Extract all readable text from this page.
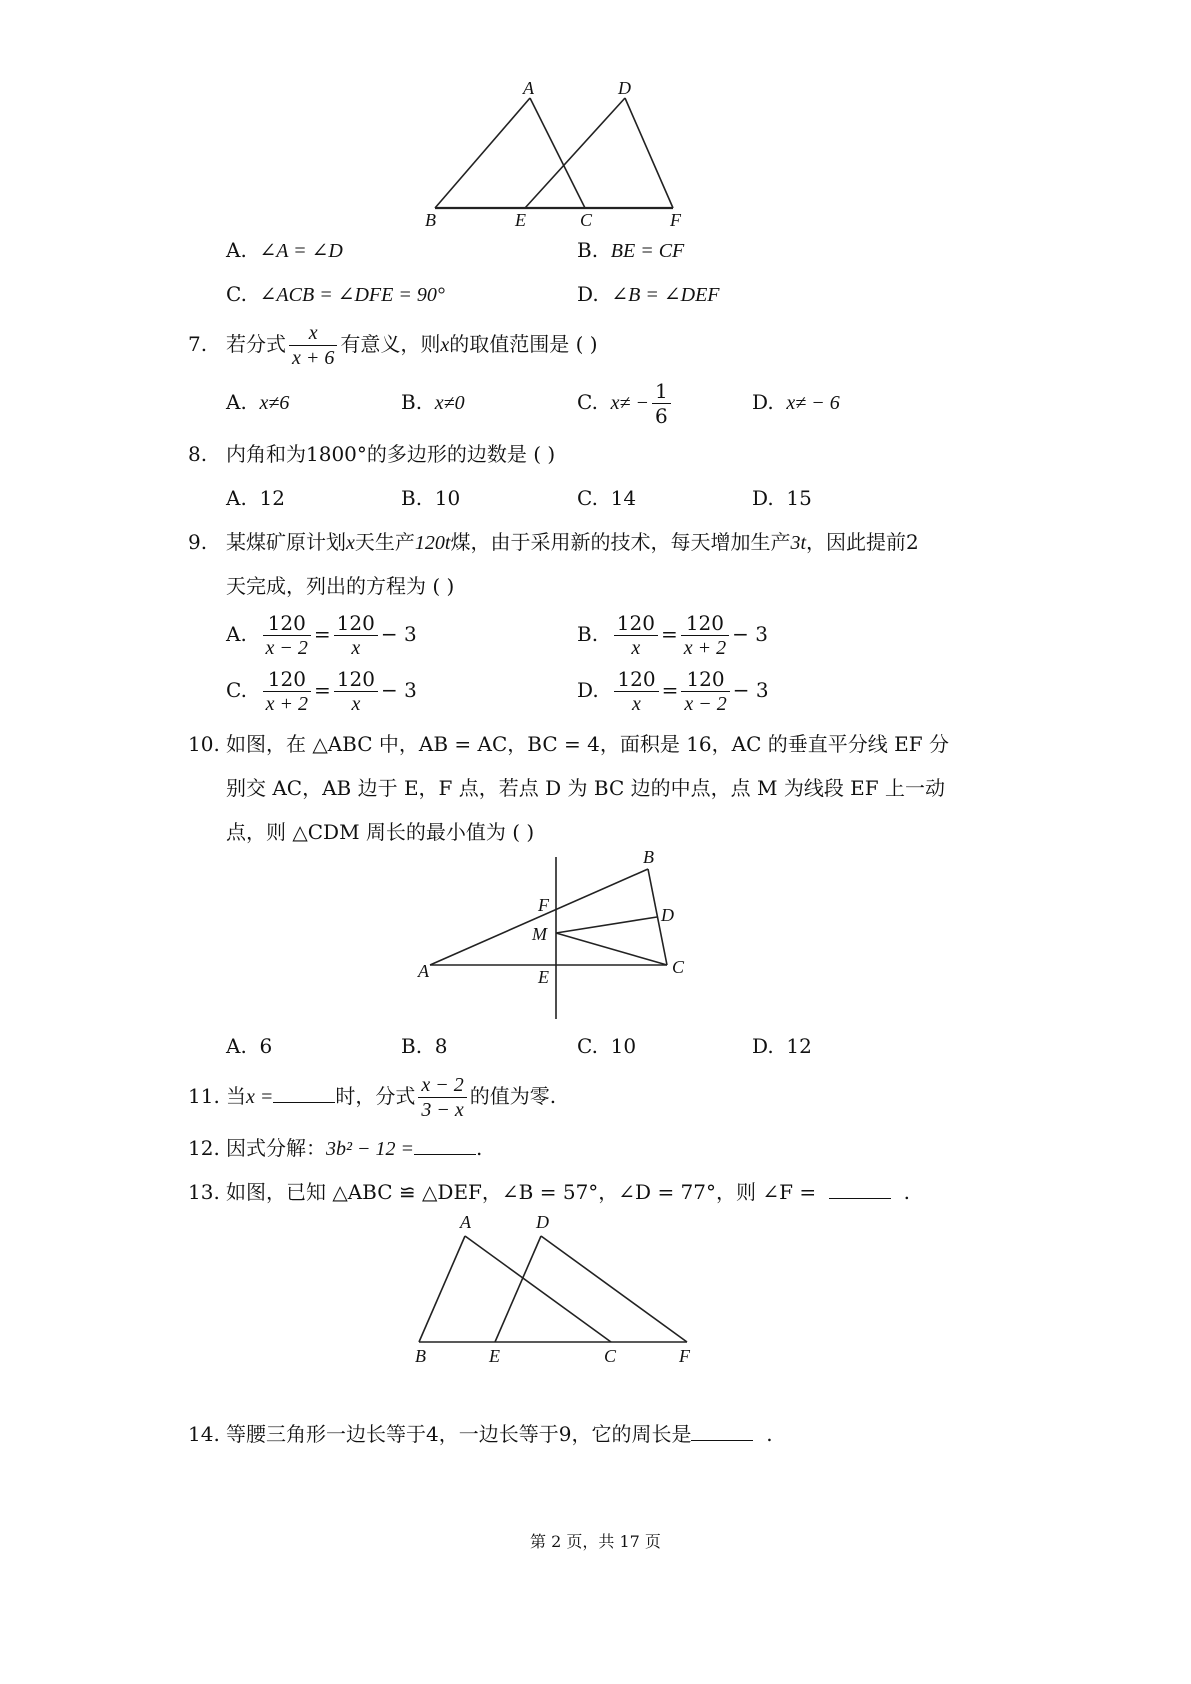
A	D
B	E	C	F
A. ∠A = ∠D	B. BE = CF
C. ∠ACB = ∠DFE = 90°	D. ∠B = ∠DEF
7. 若分式 $\frac{x}{x + 6}$ 有意义，则x的取值范围是 ( )
A. x≠6	B. x≠0	C. $x\ne - \frac{1}{6}$	D. x≠ − 6
8. 内角和为1800°的多边形的边数是 ( )
A. 12	B. 10	C. 14	D. 15
9. 某煤矿原计划x天生产120t煤，由于采用新的技术，每天增加生产3t，因此提前2
天完成，列出的方程为 ( )
A. $\frac{120}{x - 2} = \frac{120}{x} - 3$	B. $\frac{120}{x} = \frac{120}{x + 2} - 3$
C. $\frac{120}{x + 2} = \frac{120}{x} - 3$	D. $\frac{120}{x} = \frac{120}{x - 2} - 3$
10. 如图，在 △ABC 中，AB = AC，BC = 4，面积是 16，AC 的垂直平分线 EF 分
别交 AC，AB 边于 E，F 点，若点 D 为 BC 边的中点，点 M 为线段 EF 上一动
点，则 △CDM 周长的最小值为 ( )
B
F	D
M
A	C
E
A. 6	B. 8	C. 10	D. 12
11. 当x =	时，分式 $\frac{x - 2}{3 - x}$ 的值为零.
12. 因式分解：3b² − 12 =	.
13. 如图，已知 △ABC ≌ △DEF，∠B = 57°，∠D = 77°，则 ∠F =	.
A	D
B	E	C	F
14. 等腰三角形一边长等于4，一边长等于9，它的周长是	.
第 2 页，共 17 页
